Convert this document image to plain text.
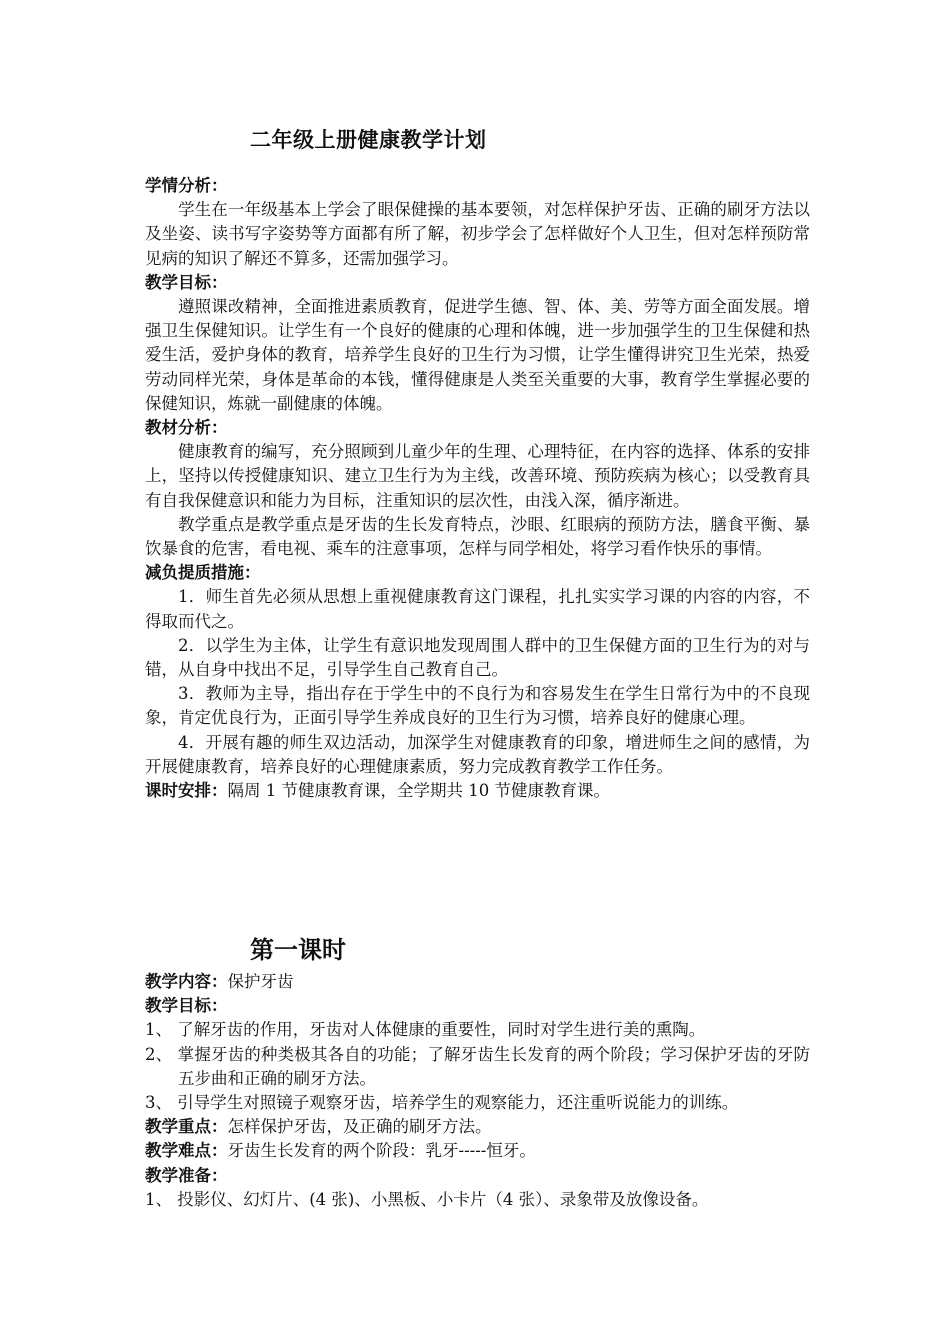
二年级上册健康教学计划

学情分析：

学生在一年级基本上学会了眼保健操的基本要领，对怎样保护牙齿、正确的刷牙方法以及坐姿、读书写字姿势等方面都有所了解，初步学会了怎样做好个人卫生，但对怎样预防常见病的知识了解还不算多，还需加强学习。

教学目标：

遵照课改精神，全面推进素质教育，促进学生德、智、体、美、劳等方面全面发展。增强卫生保健知识。让学生有一个良好的健康的心理和体魄，进一步加强学生的卫生保健和热爱生活，爱护身体的教育，培养学生良好的卫生行为习惯，让学生懂得讲究卫生光荣，热爱劳动同样光荣，身体是革命的本钱，懂得健康是人类至关重要的大事，教育学生掌握必要的保健知识，炼就一副健康的体魄。

教材分析：

健康教育的编写，充分照顾到儿童少年的生理、心理特征，在内容的选择、体系的安排上，坚持以传授健康知识、建立卫生行为为主线，改善环境、预防疾病为核心；以受教育具有自我保健意识和能力为目标，注重知识的层次性，由浅入深，循序渐进。

教学重点是教学重点是牙齿的生长发育特点，沙眼、红眼病的预防方法，膳食平衡、暴饮暴食的危害，看电视、乘车的注意事项，怎样与同学相处，将学习看作快乐的事情。

减负提质措施：

1．师生首先必须从思想上重视健康教育这门课程，扎扎实实学习课的内容的内容，不得取而代之。

2．以学生为主体，让学生有意识地发现周围人群中的卫生保健方面的卫生行为的对与错，从自身中找出不足，引导学生自己教育自己。

3．教师为主导，指出存在于学生中的不良行为和容易发生在学生日常行为中的不良现象，肯定优良行为，正面引导学生养成良好的卫生行为习惯，培养良好的健康心理。

4．开展有趣的师生双边活动，加深学生对健康教育的印象，增进师生之间的感情，为开展健康教育，培养良好的心理健康素质，努力完成教育教学工作任务。

课时安排：隔周 1 节健康教育课，全学期共 10 节健康教育课。

第一课时

教学内容：保护牙齿

教学目标：

1、 了解牙齿的作用，牙齿对人体健康的重要性，同时对学生进行美的熏陶。

2、 掌握牙齿的种类极其各自的功能；了解牙齿生长发育的两个阶段；学习保护牙齿的牙防五步曲和正确的刷牙方法。

3、 引导学生对照镜子观察牙齿，培养学生的观察能力，还注重听说能力的训练。

教学重点：怎样保护牙齿，及正确的刷牙方法。

教学难点：牙齿生长发育的两个阶段：乳牙-----恒牙。

教学准备：

1、 投影仪、幻灯片、(4 张)、小黑板、小卡片（4 张）、录象带及放像设备。
